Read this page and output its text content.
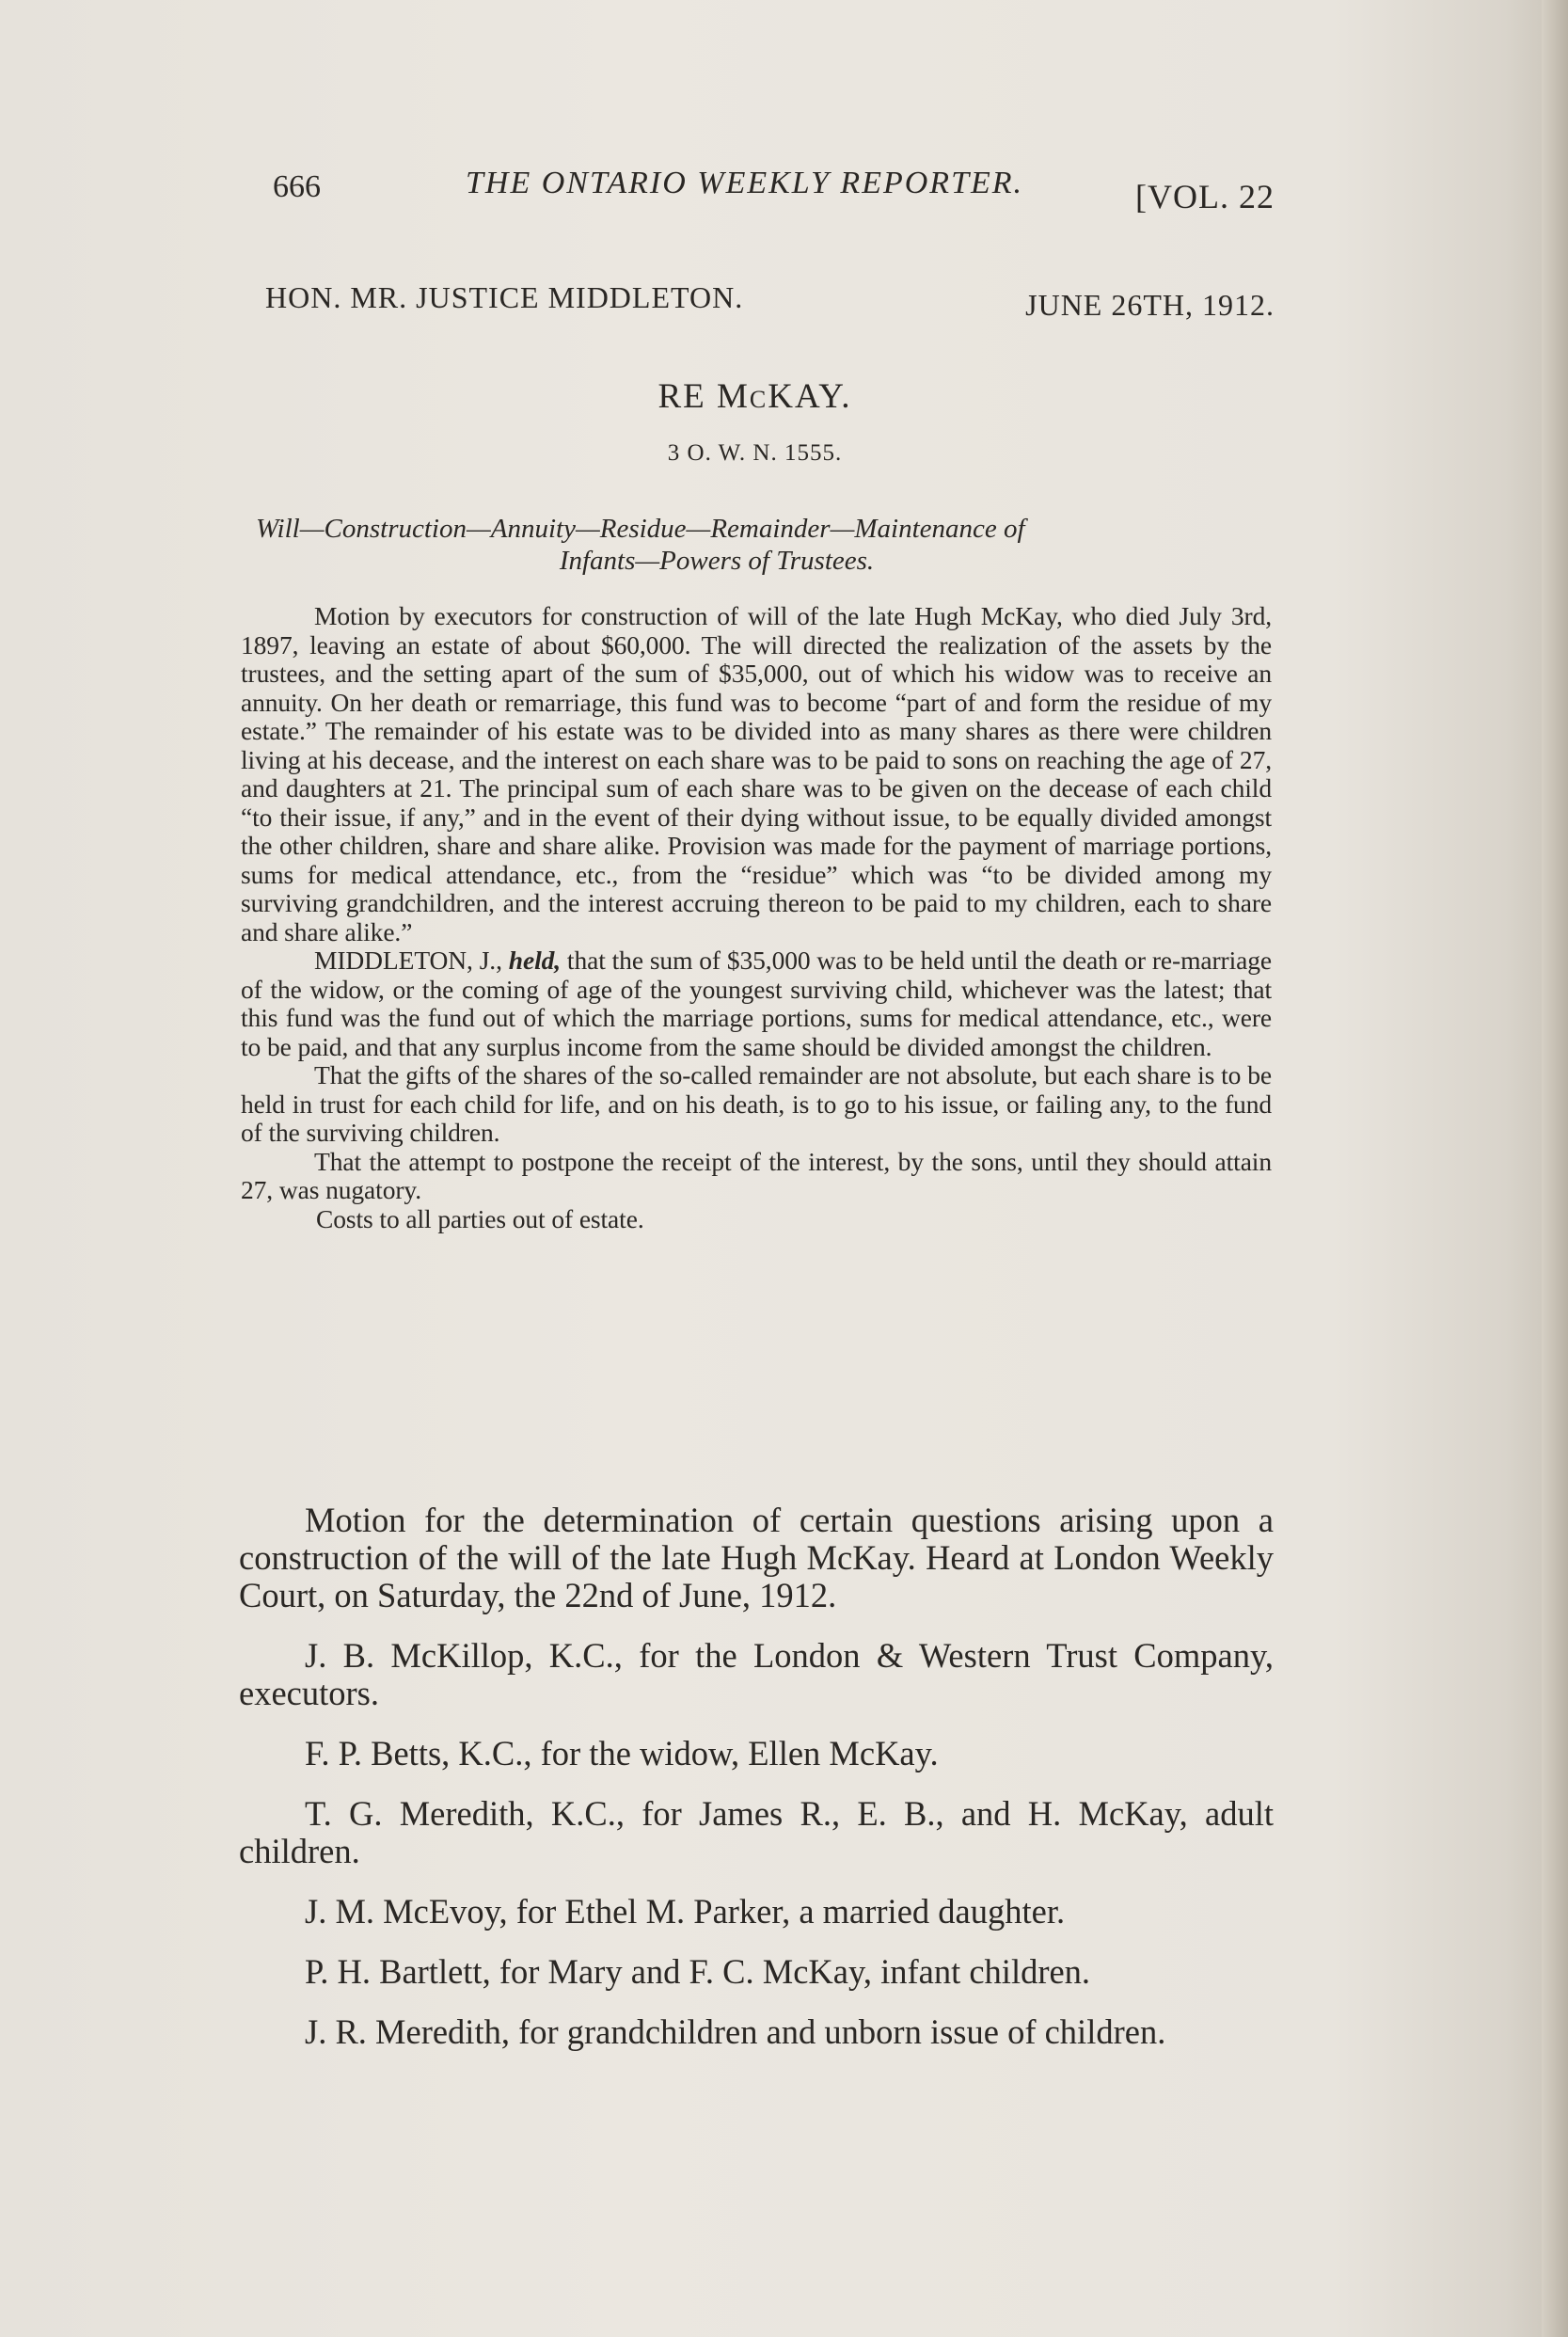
666	THE ONTARIO WEEKLY REPORTER.	[VOL. 22
HON. MR. JUSTICE MIDDLETON.	JUNE 26TH, 1912.
RE McKAY.
3 O. W. N. 1555.
Will—Construction—Annuity—Residue—Remainder—Maintenance of
Infants—Powers of Trustees.

Motion by executors for construction of will of the late Hugh McKay, who died July 3rd, 1897, leaving an estate of about $60,000. The will directed the realization of the assets by the trustees, and the setting apart of the sum of $35,000, out of which his widow was to receive an annuity. On her death or remarriage, this fund was to become “part of and form the residue of my estate.” The remainder of his estate was to be divided into as many shares as there were children living at his decease, and the interest on each share was to be paid to sons on reaching the age of 27, and daughters at 21. The principal sum of each share was to be given on the decease of each child “to their issue, if any,” and in the event of their dying without issue, to be equally divided amongst the other children, share and share alike. Provision was made for the payment of marriage portions, sums for medical attendance, etc., from the “residue” which was “to be divided among my surviving grandchildren, and the interest accruing thereon to be paid to my children, each to share and share alike.”

MIDDLETON, J., held, that the sum of $35,000 was to be held until the death or re-marriage of the widow, or the coming of age of the youngest surviving child, whichever was the latest; that this fund was the fund out of which the marriage portions, sums for medical attendance, etc., were to be paid, and that any surplus income from the same should be divided amongst the children.

That the gifts of the shares of the so-called remainder are not absolute, but each share is to be held in trust for each child for life, and on his death, is to go to his issue, or failing any, to the fund of the surviving children.

That the attempt to postpone the receipt of the interest, by the sons, until they should attain 27, was nugatory.

Costs to all parties out of estate.

Motion for the determination of certain questions arising upon a construction of the will of the late Hugh McKay. Heard at London Weekly Court, on Saturday, the 22nd of June, 1912.

J. B. McKillop, K.C., for the London & Western Trust Company, executors.

F. P. Betts, K.C., for the widow, Ellen McKay.

T. G. Meredith, K.C., for James R., E. B., and H. McKay, adult children.

J. M. McEvoy, for Ethel M. Parker, a married daughter.

P. H. Bartlett, for Mary and F. C. McKay, infant children.

J. R. Meredith, for grandchildren and unborn issue of children.
